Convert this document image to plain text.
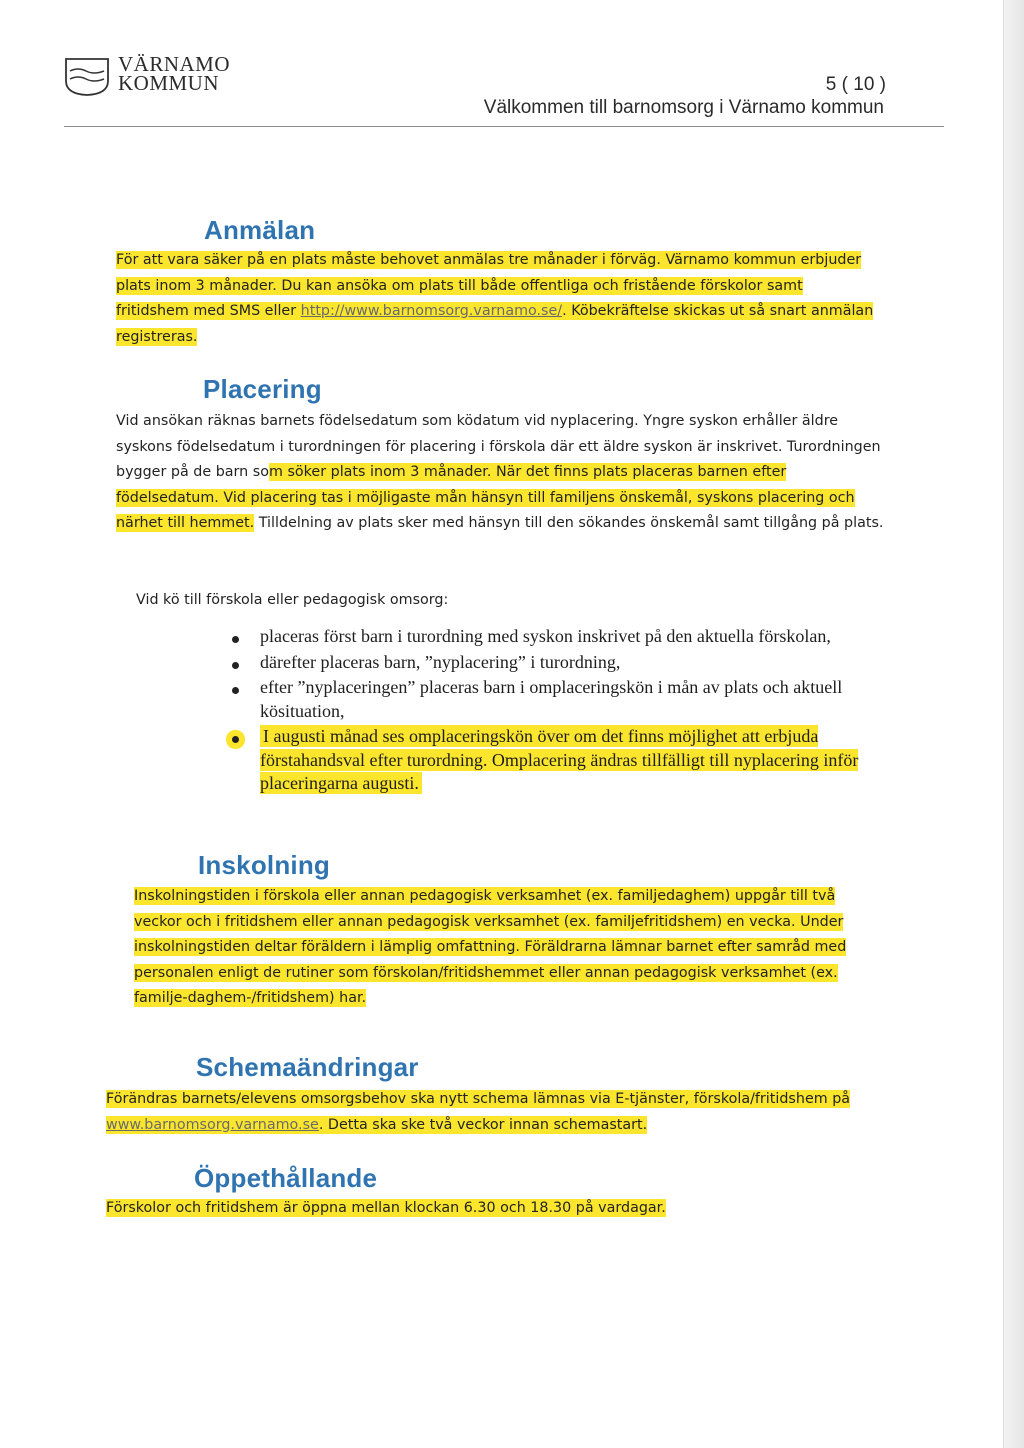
VÄRNAMO
KOMMUN	5 ( 10 )
Välkommen till barnomsorg i Värnamo kommun
Anmälan

För att vara säker på en plats måste behovet anmälas tre månader i förväg. Värnamo kommun erbjuder plats inom 3 månader. Du kan ansöka om plats till både offentliga och fristående förskolor samt fritidshem med SMS eller http://www.barnomsorg.varnamo.se/. Köbekräftelse skickas ut så snart anmälan registreras.

Placering

Vid ansökan räknas barnets födelsedatum som ködatum vid nyplacering. Yngre syskon erhåller äldre syskons födelsedatum i turordningen för placering i förskola där ett äldre syskon är inskrivet. Turordningen bygger på de barn som söker plats inom 3 månader. När det finns plats placeras barnen efter födelsedatum. Vid placering tas i möjligaste mån hänsyn till familjens önskemål, syskons placering och närhet till hemmet. Tilldelning av plats sker med hänsyn till den sökandes önskemål samt tillgång på plats.

Vid kö till förskola eller pedagogisk omsorg:

placeras först barn i turordning med syskon inskrivet på den aktuella förskolan,
därefter placeras barn, ”nyplacering” i turordning,
efter ”nyplaceringen” placeras barn i omplaceringskön i mån av plats och aktuell kösituation,
I augusti månad ses omplaceringskön över om det finns möjlighet att erbjuda förstahandsval efter turordning. Omplacering ändras tillfälligt till nyplacering inför placeringarna augusti.
Inskolning

Inskolningstiden i förskola eller annan pedagogisk verksamhet (ex. familjedaghem) uppgår till två veckor och i fritidshem eller annan pedagogisk verksamhet (ex. familjefritidshem) en vecka. Under inskolningstiden deltar föräldern i lämplig omfattning. Föräldrarna lämnar barnet efter samråd med personalen enligt de rutiner som förskolan/fritidshemmet eller annan pedagogisk verksamhet (ex. familje-daghem-/fritidshem) har.

Schemaändringar

Förändras barnets/elevens omsorgsbehov ska nytt schema lämnas via E-tjänster, förskola/fritidshem på www.barnomsorg.varnamo.se. Detta ska ske två veckor innan schemastart.

Öppethållande

Förskolor och fritidshem är öppna mellan klockan 6.30 och 18.30 på vardagar.
